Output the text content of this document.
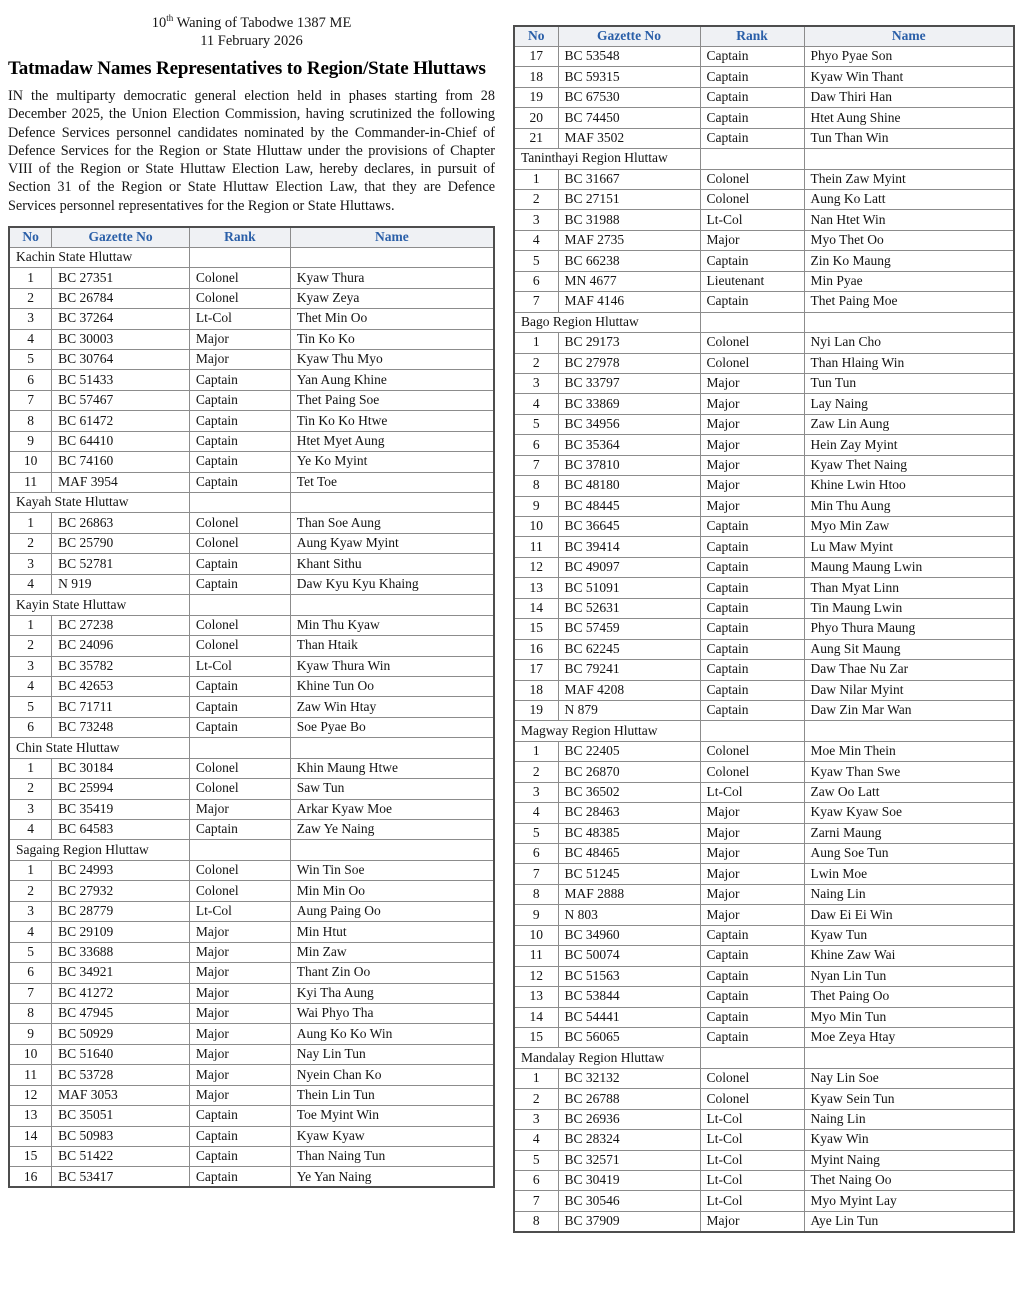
10th Waning of Tabodwe 1387 ME
11 February 2026
Tatmadaw Names Representatives to Region/State Hluttaws

IN the multiparty democratic general election held in phases starting from 28 December 2025, the Union Election Commission, having scrutinized the following Defence Services personnel candidates nominated by the Commander-in-Chief of Defence Services for the Region or State Hluttaw under the provisions of Chapter VIII of the Region or State Hluttaw Election Law, hereby declares, in pursuit of Section 31 of the Region or State Hluttaw Election Law, that they are Defence Services personnel representatives for the Region or State Hluttaws.

No	Gazette No	Rank	Name
Kachin State Hluttaw			
1	BC 27351	Colonel	Kyaw Thura
2	BC 26784	Colonel	Kyaw Zeya
3	BC 37264	Lt-Col	Thet Min Oo
4	BC 30003	Major	Tin Ko Ko
5	BC 30764	Major	Kyaw Thu Myo
6	BC 51433	Captain	Yan Aung Khine
7	BC 57467	Captain	Thet Paing Soe
8	BC 61472	Captain	Tin Ko Ko Htwe
9	BC 64410	Captain	Htet Myet Aung
10	BC 74160	Captain	Ye Ko Myint
11	MAF 3954	Captain	Tet Toe
Kayah State Hluttaw			
1	BC 26863	Colonel	Than Soe Aung
2	BC 25790	Colonel	Aung Kyaw Myint
3	BC 52781	Captain	Khant Sithu
4	N 919	Captain	Daw Kyu Kyu Khaing
Kayin State Hluttaw			
1	BC 27238	Colonel	Min Thu Kyaw
2	BC 24096	Colonel	Than Htaik
3	BC 35782	Lt-Col	Kyaw Thura Win
4	BC 42653	Captain	Khine Tun Oo
5	BC 71711	Captain	Zaw Win Htay
6	BC 73248	Captain	Soe Pyae Bo
Chin State Hluttaw			
1	BC 30184	Colonel	Khin Maung Htwe
2	BC 25994	Colonel	Saw Tun
3	BC 35419	Major	Arkar Kyaw Moe
4	BC 64583	Captain	Zaw Ye Naing
Sagaing Region Hluttaw			
1	BC 24993	Colonel	Win Tin Soe
2	BC 27932	Colonel	Min Min Oo
3	BC 28779	Lt-Col	Aung Paing Oo
4	BC 29109	Major	Min Htut
5	BC 33688	Major	Min Zaw
6	BC 34921	Major	Thant Zin Oo
7	BC 41272	Major	Kyi Tha Aung
8	BC 47945	Major	Wai Phyo Tha
9	BC 50929	Major	Aung Ko Ko Win
10	BC 51640	Major	Nay Lin Tun
11	BC 53728	Major	Nyein Chan Ko
12	MAF 3053	Major	Thein Lin Tun
13	BC 35051	Captain	Toe Myint Win
14	BC 50983	Captain	Kyaw Kyaw
15	BC 51422	Captain	Than Naing Tun
16	BC 53417	Captain	Ye Yan Naing
No	Gazette No	Rank	Name
17	BC 53548	Captain	Phyo Pyae Son
18	BC 59315	Captain	Kyaw Win Thant
19	BC 67530	Captain	Daw Thiri Han
20	BC 74450	Captain	Htet Aung Shine
21	MAF 3502	Captain	Tun Than Win
Taninthayi Region Hluttaw			
1	BC 31667	Colonel	Thein Zaw Myint
2	BC 27151	Colonel	Aung Ko Latt
3	BC 31988	Lt-Col	Nan Htet Win
4	MAF 2735	Major	Myo Thet Oo
5	BC 66238	Captain	Zin Ko Maung
6	MN 4677	Lieutenant	Min Pyae
7	MAF 4146	Captain	Thet Paing Moe
Bago Region Hluttaw			
1	BC 29173	Colonel	Nyi Lan Cho
2	BC 27978	Colonel	Than Hlaing Win
3	BC 33797	Major	Tun Tun
4	BC 33869	Major	Lay Naing
5	BC 34956	Major	Zaw Lin Aung
6	BC 35364	Major	Hein Zay Myint
7	BC 37810	Major	Kyaw Thet Naing
8	BC 48180	Major	Khine Lwin Htoo
9	BC 48445	Major	Min Thu Aung
10	BC 36645	Captain	Myo Min Zaw
11	BC 39414	Captain	Lu Maw Myint
12	BC 49097	Captain	Maung Maung Lwin
13	BC 51091	Captain	Than Myat Linn
14	BC 52631	Captain	Tin Maung Lwin
15	BC 57459	Captain	Phyo Thura Maung
16	BC 62245	Captain	Aung Sit Maung
17	BC 79241	Captain	Daw Thae Nu Zar
18	MAF 4208	Captain	Daw Nilar Myint
19	N 879	Captain	Daw Zin Mar Wan
Magway Region Hluttaw			
1	BC 22405	Colonel	Moe Min Thein
2	BC 26870	Colonel	Kyaw Than Swe
3	BC 36502	Lt-Col	Zaw Oo Latt
4	BC 28463	Major	Kyaw Kyaw Soe
5	BC 48385	Major	Zarni Maung
6	BC 48465	Major	Aung Soe Tun
7	BC 51245	Major	Lwin Moe
8	MAF 2888	Major	Naing Lin
9	N 803	Major	Daw Ei Ei Win
10	BC 34960	Captain	Kyaw Tun
11	BC 50074	Captain	Khine Zaw Wai
12	BC 51563	Captain	Nyan Lin Tun
13	BC 53844	Captain	Thet Paing Oo
14	BC 54441	Captain	Myo Min Tun
15	BC 56065	Captain	Moe Zeya Htay
Mandalay Region Hluttaw			
1	BC 32132	Colonel	Nay Lin Soe
2	BC 26788	Colonel	Kyaw Sein Tun
3	BC 26936	Lt-Col	Naing Lin
4	BC 28324	Lt-Col	Kyaw Win
5	BC 32571	Lt-Col	Myint Naing
6	BC 30419	Lt-Col	Thet Naing Oo
7	BC 30546	Lt-Col	Myo Myint Lay
8	BC 37909	Major	Aye Lin Tun
